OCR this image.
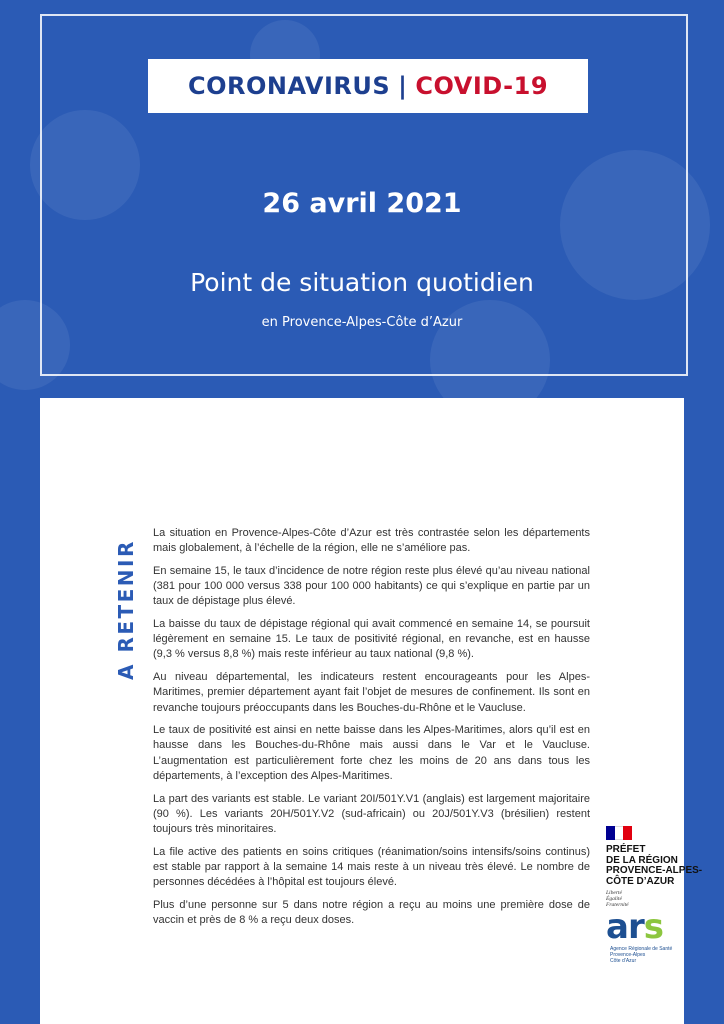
CORONAVIRUS | COVID-19
26 avril 2021
Point de situation quotidien
en Provence-Alpes-Côte d’Azur
A RETENIR

La situation en Provence-Alpes-Côte d’Azur est très contrastée selon les départements mais globalement, à l’échelle de la région, elle ne s’améliore pas.

En semaine 15, le taux d’incidence de notre région reste plus élevé qu’au niveau national (381 pour 100 000 versus 338 pour 100 000 habitants) ce qui s’explique en partie par un taux de dépistage plus élevé.

La baisse du taux de dépistage régional qui avait commencé en semaine 14, se poursuit légèrement en semaine 15. Le taux de positivité régional, en revanche, est en hausse (9,3 % versus 8,8 %) mais reste inférieur au taux national (9,8 %).

Au niveau départemental, les indicateurs restent encourageants pour les Alpes-Maritimes, premier département ayant fait l’objet de mesures de confinement. Ils sont en revanche toujours préoccupants dans les Bouches-du-Rhône et le Vaucluse.

Le taux de positivité est ainsi en nette baisse dans les Alpes-Maritimes, alors qu’il est en hausse dans les Bouches-du-Rhône mais aussi dans le Var et le Vaucluse. L’augmentation est particulièrement forte chez les moins de 20 ans dans tous les départements, à l’exception des Alpes-Maritimes.

La part des variants est stable. Le variant 20I/501Y.V1 (anglais) est largement majoritaire (90 %). Les variants 20H/501Y.V2 (sud-africain) ou 20J/501Y.V3 (brésilien) restent toujours très minoritaires.

La file active des patients en soins critiques (réanimation/soins intensifs/soins continus) est stable par rapport à la semaine 14 mais reste à un niveau très élevé. Le nombre de personnes décédées à l’hôpital est toujours élevé.

Plus d’une personne sur 5 dans notre région a reçu au moins une première dose de vaccin et près de 8 % a reçu deux doses.

PRÉFET
DE LA RÉGION
PROVENCE-ALPES-
CÔTE D’AZUR
Liberté
Égalité
Fraternité
ars
Agence Régionale de Santé
Provence-Alpes
Côte d’Azur
